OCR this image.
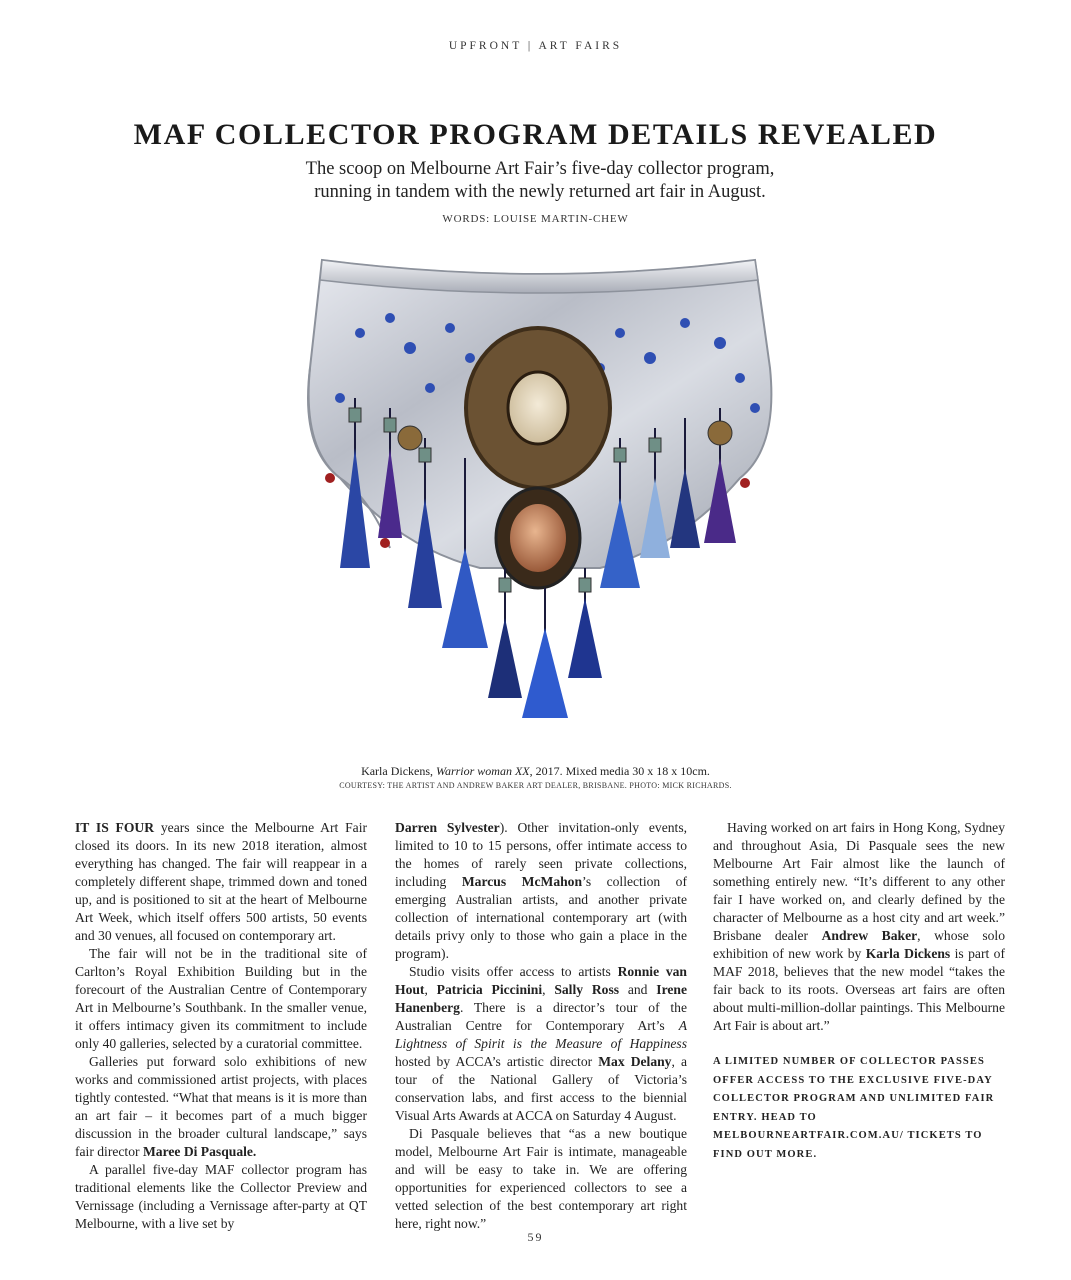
UPFRONT | ART FAIRS
MAF COLLECTOR PROGRAM DETAILS REVEALED
The scoop on Melbourne Art Fair’s five-day collector program,
running in tandem with the newly returned art fair in August.
WORDS: LOUISE MARTIN-CHEW
Karla Dickens, Warrior woman XX, 2017. Mixed media 30 x 18 x 10cm.
COURTESY: THE ARTIST AND ANDREW BAKER ART DEALER, BRISBANE. PHOTO: MICK RICHARDS.

IT IS FOUR years since the Melbourne Art Fair closed its doors. In its new 2018 iteration, almost everything has changed. The fair will reappear in a completely different shape, trimmed down and toned up, and is positioned to sit at the heart of Melbourne Art Week, which itself offers 500 artists, 50 events and 30 venues, all focused on contemporary art.

The fair will not be in the traditional site of Carlton’s Royal Exhibition Building but in the forecourt of the Australian Centre of Contemporary Art in Melbourne’s Southbank. In the smaller venue, it offers intimacy given its commitment to include only 40 galleries, selected by a curatorial committee.

Galleries put forward solo exhibitions of new works and commissioned artist projects, with places tightly contested. “What that means is it is more than an art fair – it becomes part of a much bigger discussion in the broader cultural landscape,” says fair director Maree Di Pasquale.

A parallel five-day MAF collector program has traditional elements like the Collector Preview and Vernissage (including a Vernissage after-party at QT Melbourne, with a live set by

Darren Sylvester). Other invitation-only events, limited to 10 to 15 persons, offer intimate access to the homes of rarely seen private collections, including Marcus McMahon’s collection of emerging Australian artists, and another private collection of international contemporary art (with details privy only to those who gain a place in the program).

Studio visits offer access to artists Ronnie van Hout, Patricia Piccinini, Sally Ross and Irene Hanenberg. There is a director’s tour of the Australian Centre for Contemporary Art’s A Lightness of Spirit is the Measure of Happiness hosted by ACCA’s artistic director Max Delany, a tour of the National Gallery of Victoria’s conservation labs, and first access to the biennial Visual Arts Awards at ACCA on Saturday 4 August.

Di Pasquale believes that “as a new boutique model, Melbourne Art Fair is intimate, manageable and will be easy to take in. We are offering opportunities for experienced collectors to see a vetted selection of the best contemporary art right here, right now.”

Having worked on art fairs in Hong Kong, Sydney and throughout Asia, Di Pasquale sees the new Melbourne Art Fair almost like the launch of something entirely new. “It’s different to any other fair I have worked on, and clearly defined by the character of Melbourne as a host city and art week.” Brisbane dealer Andrew Baker, whose solo exhibition of new work by Karla Dickens is part of MAF 2018, believes that the new model “takes the fair back to its roots. Overseas art fairs are often about multi-million-dollar paintings. This Melbourne Art Fair is about art.”

A LIMITED NUMBER OF COLLECTOR PASSES OFFER ACCESS TO THE EXCLUSIVE FIVE-DAY COLLECTOR PROGRAM AND UNLIMITED FAIR ENTRY. HEAD TO MELBOURNEARTFAIR.COM.AU/ TICKETS TO FIND OUT MORE.

59
